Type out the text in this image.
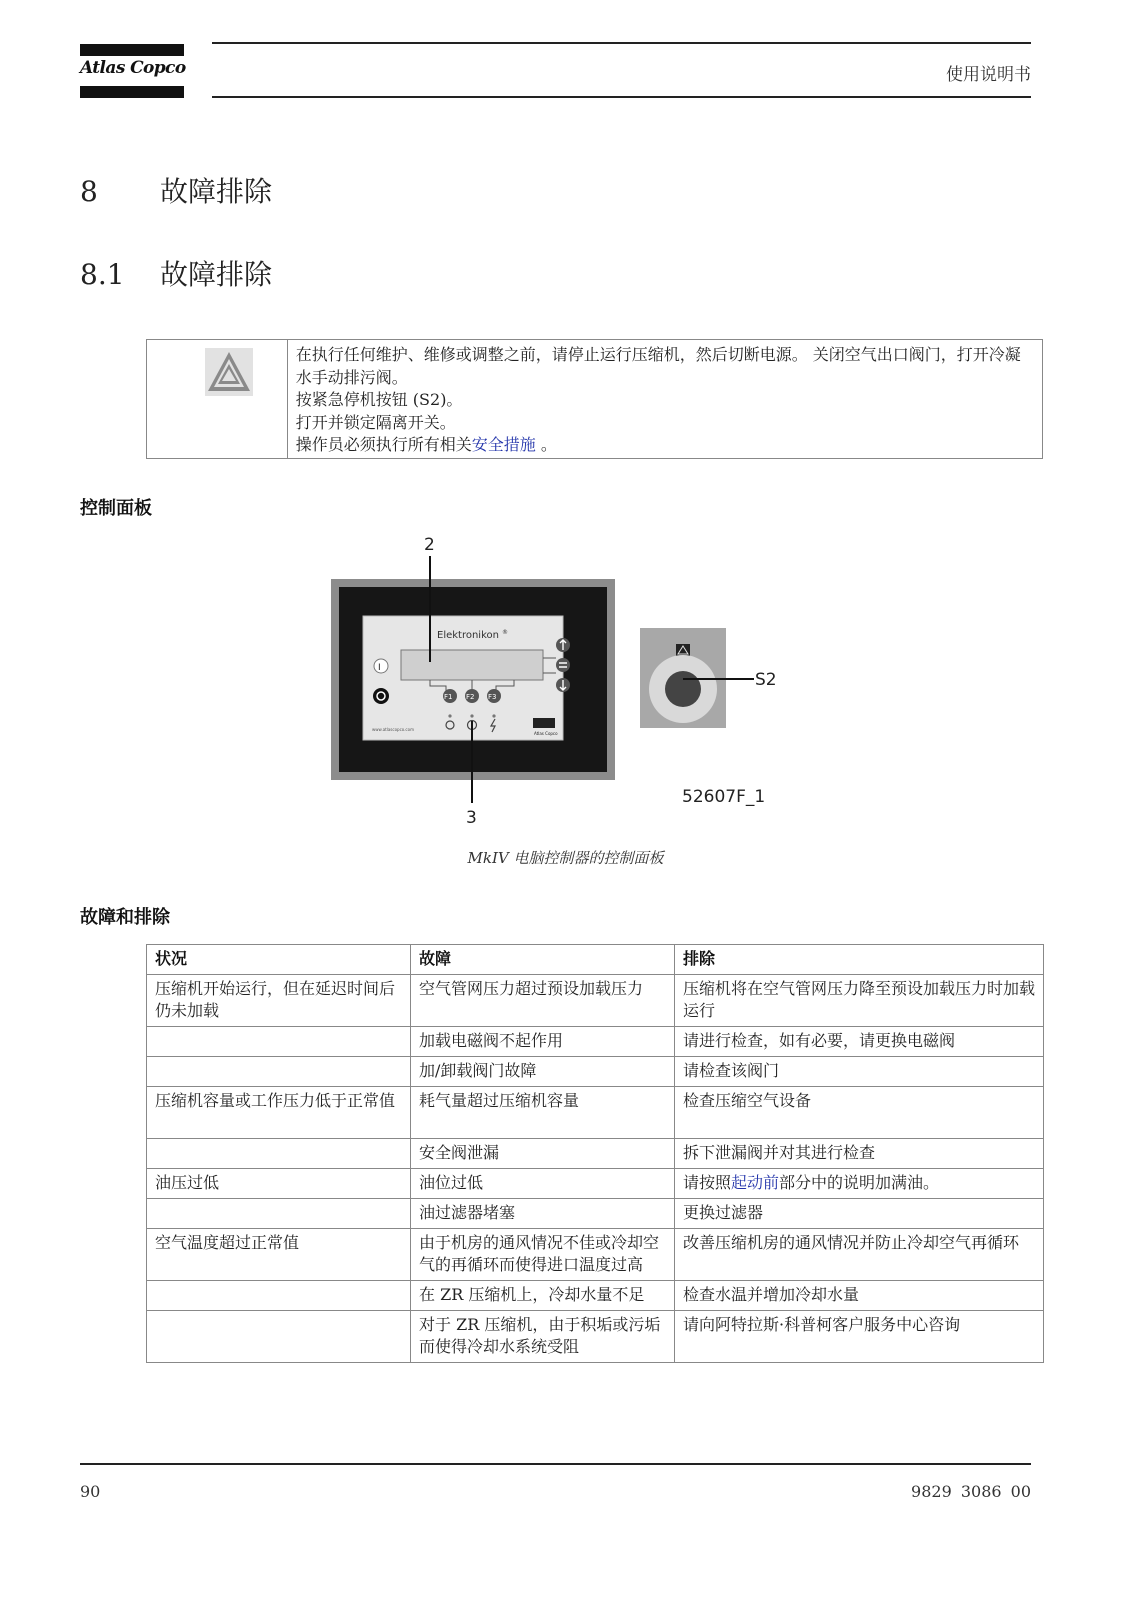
Atlas Copco	使用说明书
8 故障排除
8.1 故障排除
在执行任何维护、维修或调整之前，请停止运行压缩机，然后切断电源。 关闭空气出口阀门，打开冷凝水手动排污阀。
按紧急停机按钮 (S2)。
打开并锁定隔离开关。
操作员必须执行所有相关安全措施 。
控制面板
Elektronikon ®
I
F1 F2 F3
www.atlascopco.com
Atlas Copco
2
3
S2
52607F_1
MkIV 电脑控制器的控制面板
故障和排除
状况	故障	排除
压缩机开始运行，但在延迟时间后仍未加载	空气管网压力超过预设加载压力	压缩机将在空气管网压力降至预设加载压力时加载运行
	加载电磁阀不起作用	请进行检查，如有必要，请更换电磁阀
	加/卸载阀门故障	请检查该阀门
压缩机容量或工作压力低于正常值	耗气量超过压缩机容量	检查压缩空气设备
	安全阀泄漏	拆下泄漏阀并对其进行检查
油压过低	油位过低	请按照起动前部分中的说明加满油。
	油过滤器堵塞	更换过滤器
空气温度超过正常值	由于机房的通风情况不佳或冷却空气的再循环而使得进口温度过高	改善压缩机房的通风情况并防止冷却空气再循环
	在 ZR 压缩机上，冷却水量不足	检查水温并增加冷却水量
	对于 ZR 压缩机，由于积垢或污垢而使得冷却水系统受阻	请向阿特拉斯·科普柯客户服务中心咨询
90	9829 3086 00
